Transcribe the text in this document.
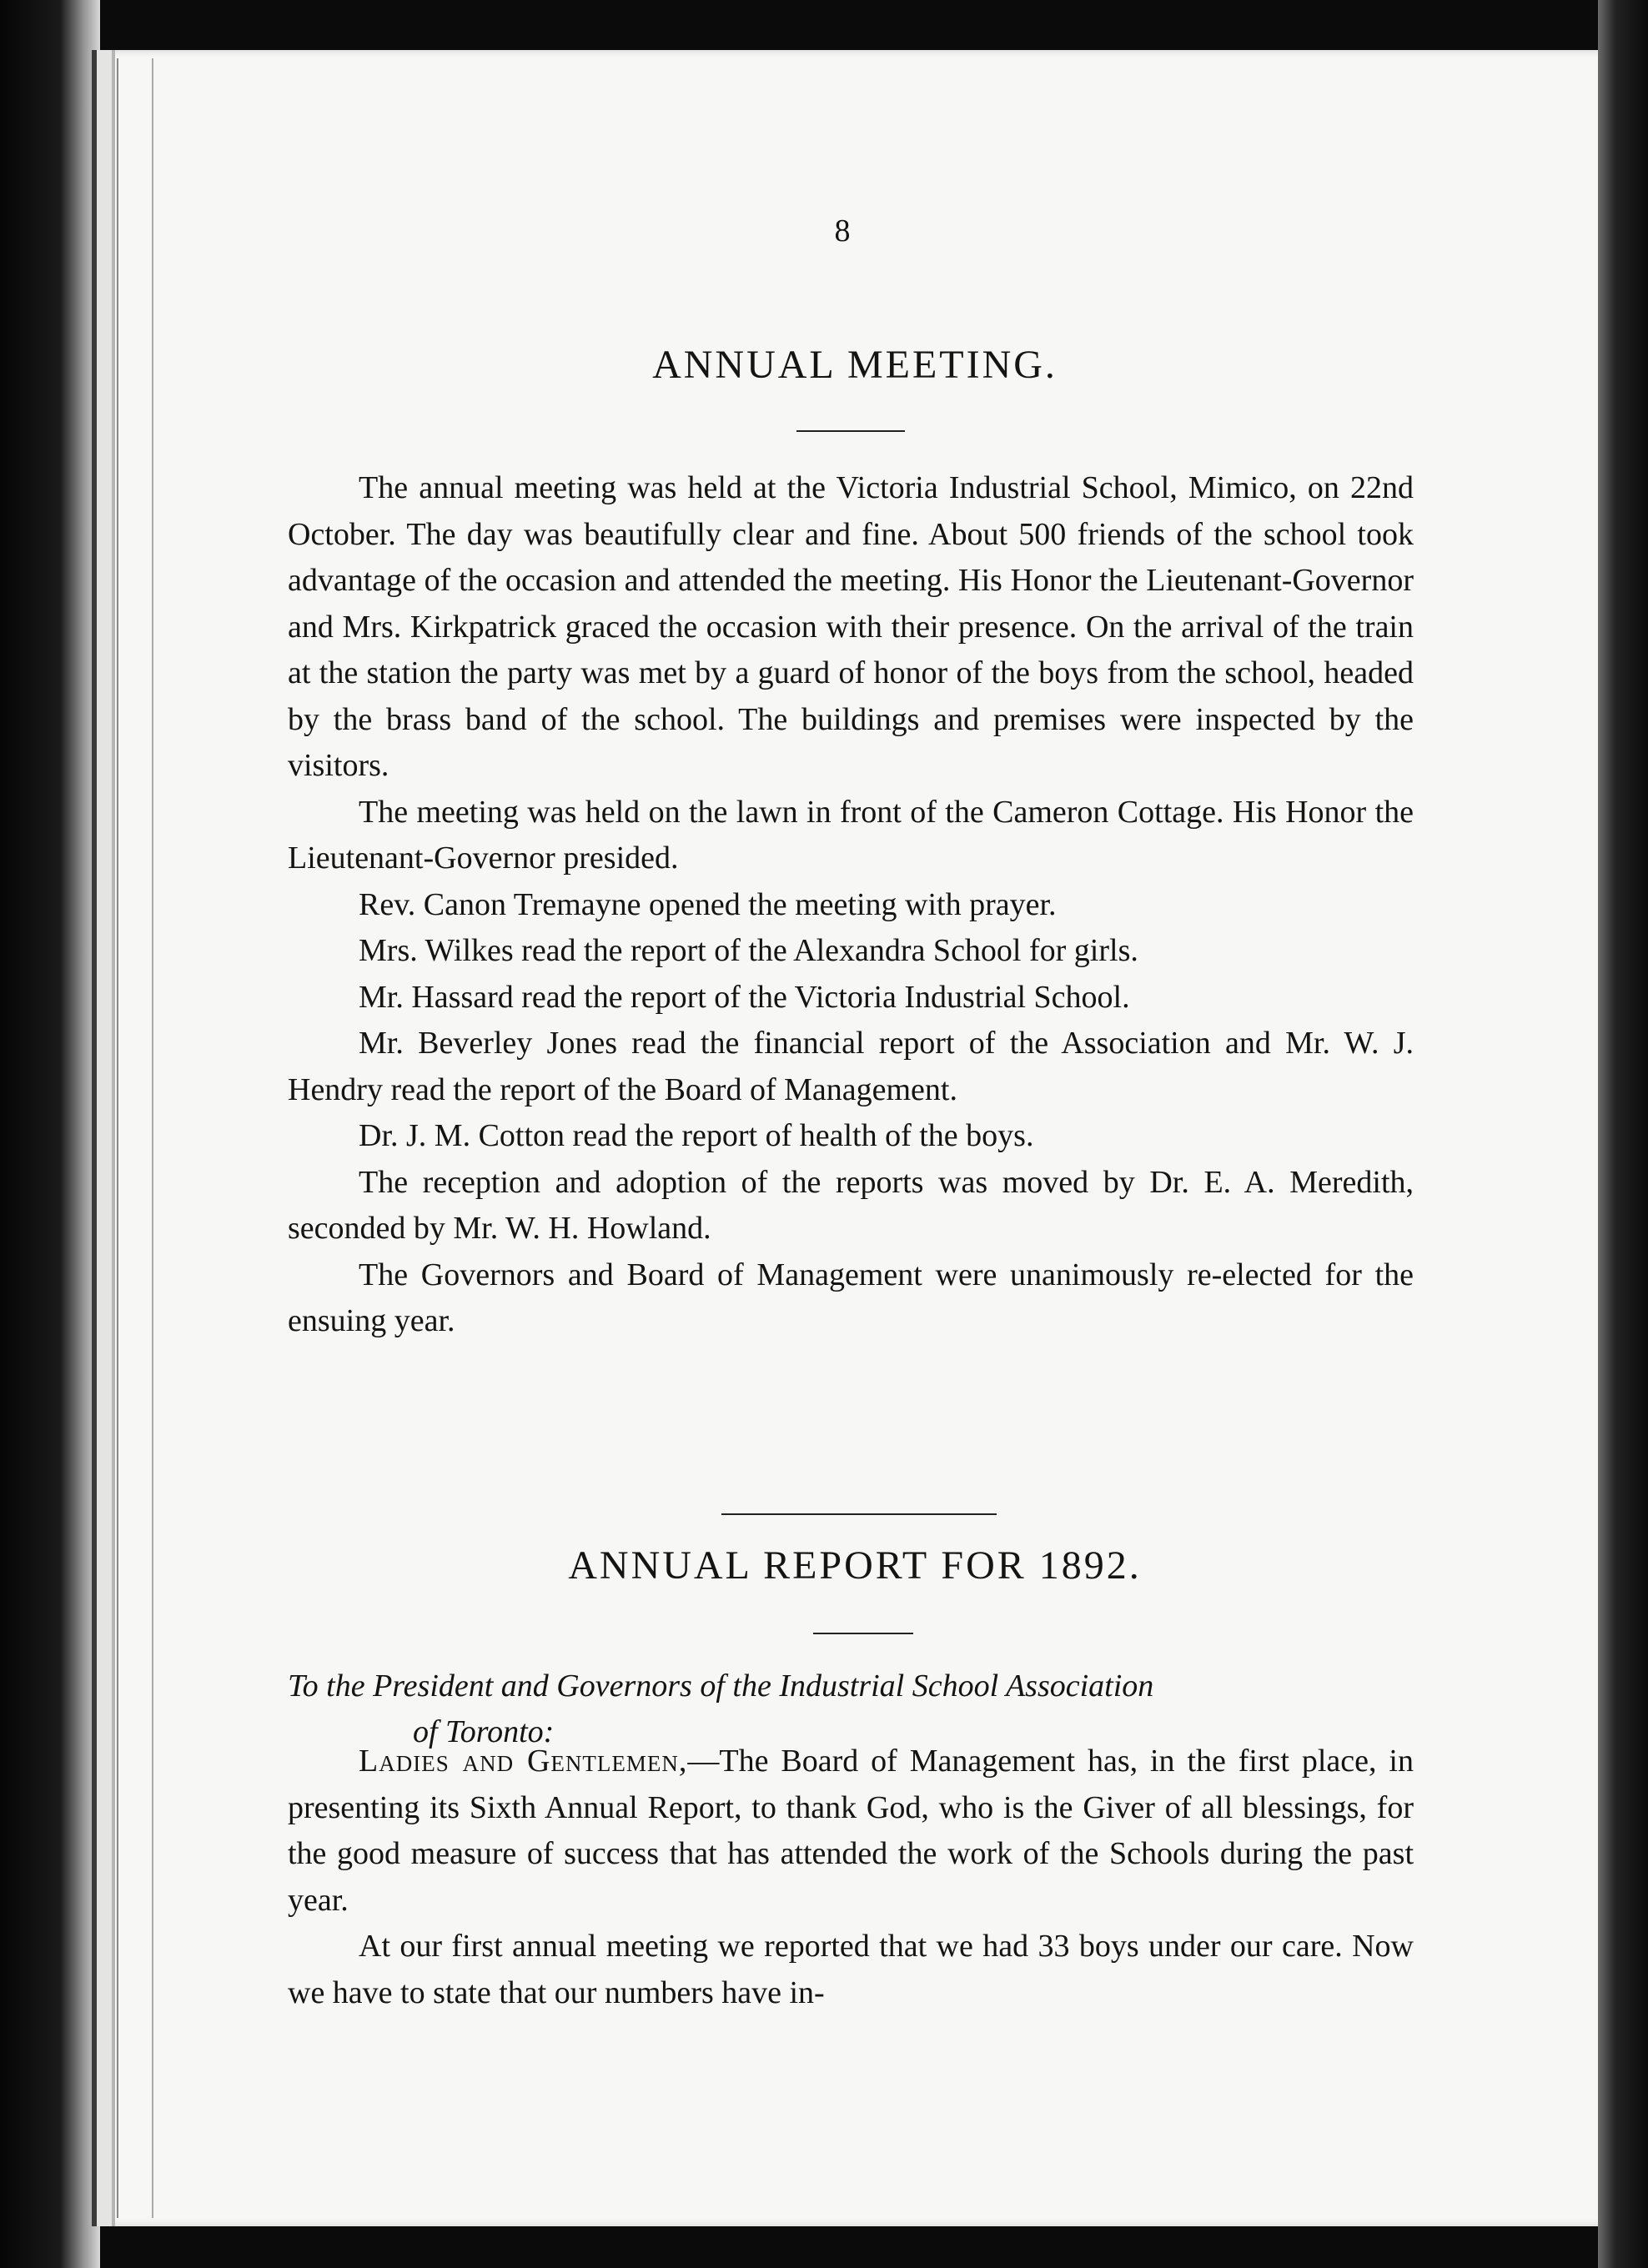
8
ANNUAL MEETING.

The annual meeting was held at the Victoria Industrial School, Mimico, on 22nd October. The day was beautifully clear and fine. About 500 friends of the school took advantage of the occasion and attended the meeting. His Honor the Lieutenant-Governor and Mrs. Kirkpatrick graced the occasion with their presence. On the arrival of the train at the station the party was met by a guard of honor of the boys from the school, headed by the brass band of the school. The buildings and premises were inspected by the visitors.

The meeting was held on the lawn in front of the Cameron Cottage. His Honor the Lieutenant-Governor presided.

Rev. Canon Tremayne opened the meeting with prayer.

Mrs. Wilkes read the report of the Alexandra School for girls.

Mr. Hassard read the report of the Victoria Industrial School.

Mr. Beverley Jones read the financial report of the Association and Mr. W. J. Hendry read the report of the Board of Management.

Dr. J. M. Cotton read the report of health of the boys.

The reception and adoption of the reports was moved by Dr. E. A. Meredith, seconded by Mr. W. H. Howland.

The Governors and Board of Management were unanimously re-elected for the ensuing year.

ANNUAL REPORT FOR 1892.
To the President and Governors of the Industrial School Association
of Toronto:

Ladies and Gentlemen,—The Board of Management has, in the first place, in presenting its Sixth Annual Report, to thank God, who is the Giver of all blessings, for the good measure of success that has attended the work of the Schools during the past year.

At our first annual meeting we reported that we had 33 boys under our care. Now we have to state that our numbers have in-
